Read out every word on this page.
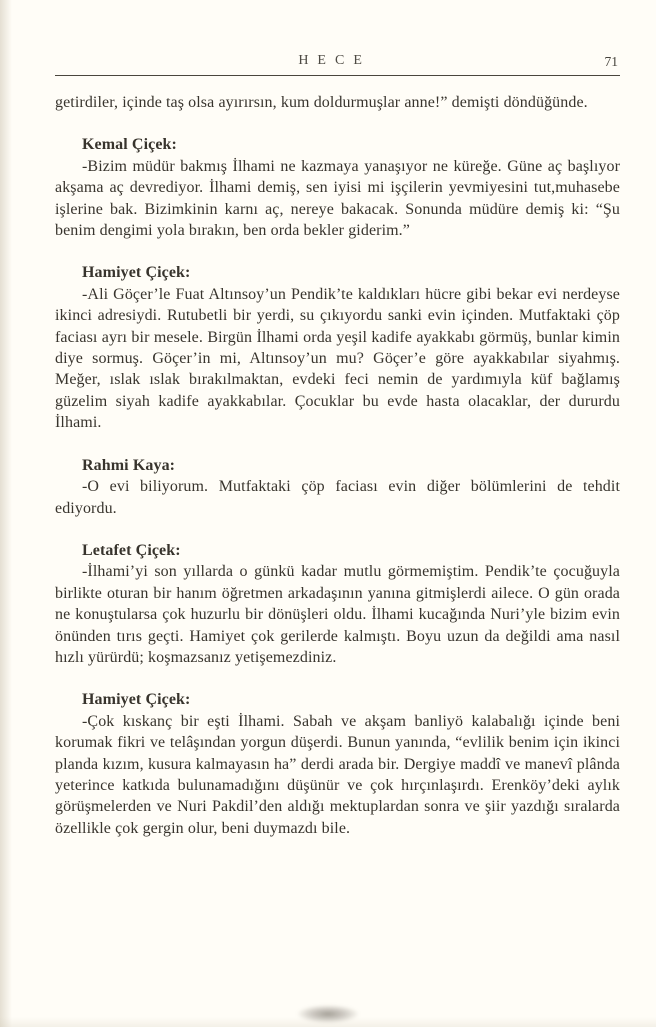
HECE	71

getirdiler, içinde taş olsa ayırırsın, kum doldurmuşlar anne!” demişti döndüğünde.

Kemal Çiçek:

-Bizim müdür bakmış İlhami ne kazmaya yanaşıyor ne küreğe. Güne aç başlıyor akşama aç devrediyor. İlhami demiş, sen iyisi mi işçilerin yevmiyesini tut,muhasebe işlerine bak. Bizimkinin karnı aç, nereye bakacak. Sonunda müdüre demiş ki: “Şu benim dengimi yola bırakın, ben orda bekler giderim.”

Hamiyet Çiçek:

-Ali Göçer’le Fuat Altınsoy’un Pendik’te kaldıkları hücre gibi bekar evi nerdeyse ikinci adresiydi. Rutubetli bir yerdi, su çıkıyordu sanki evin içinden. Mutfaktaki çöp faciası ayrı bir mesele. Birgün İlhami orda yeşil kadife ayakkabı görmüş, bunlar kimin diye sormuş. Göçer’in mi, Altınsoy’un mu? Göçer’e göre ayakkabılar siyahmış. Meğer, ıslak ıslak bırakılmaktan, evdeki feci nemin de yardımıyla küf bağlamış güzelim siyah kadife ayakkabılar. Çocuklar bu evde hasta olacaklar, der dururdu İlhami.

Rahmi Kaya:

-O evi biliyorum. Mutfaktaki çöp faciası evin diğer bölümlerini de tehdit ediyordu.

Letafet Çiçek:

-İlhami’yi son yıllarda o günkü kadar mutlu görmemiştim. Pendik’te çocuğuyla birlikte oturan bir hanım öğretmen arkadaşının yanına gitmişlerdi ailece. O gün orada ne konuştularsa çok huzurlu bir dönüşleri oldu. İlhami kucağında Nuri’yle bizim evin önünden tırıs geçti. Hamiyet çok gerilerde kalmıştı. Boyu uzun da değildi ama nasıl hızlı yürürdü; koşmazsanız yetişemezdiniz.

Hamiyet Çiçek:

-Çok kıskanç bir eşti İlhami. Sabah ve akşam banliyö kalabalığı içinde beni korumak fikri ve telâşından yorgun düşerdi. Bunun yanında, “evlilik benim için ikinci planda kızım, kusura kalmayasın ha” derdi arada bir. Dergiye maddî ve manevî plânda yeterince katkıda bulunamadığını düşünür ve çok hırçınlaşırdı. Erenköy’deki aylık görüşmelerden ve Nuri Pakdil’den aldığı mektuplardan sonra ve şiir yazdığı sıralarda özellikle çok gergin olur, beni duymazdı bile.
